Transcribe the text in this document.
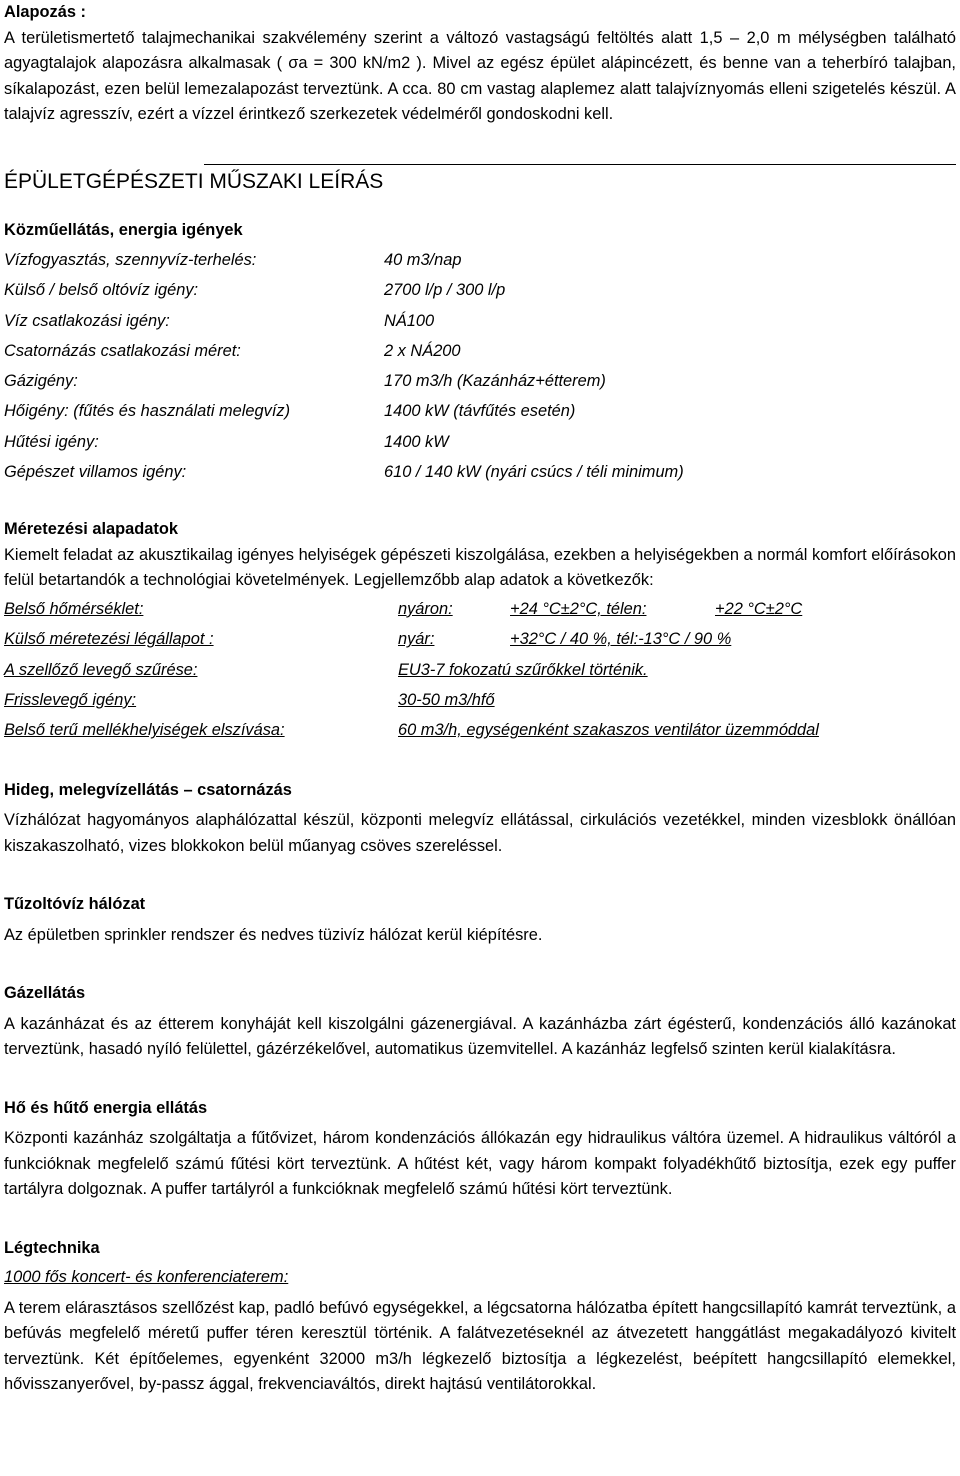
Alapozás :

A területismertető talajmechanikai szakvélemény szerint a változó vastagságú feltöltés alatt 1,5 – 2,0 m mélységben található agyagtalajok alapozásra alkalmasak ( σa = 300 kN/m2 ). Mivel az egész épület alápincézett, és benne van a teherbíró talajban, síkalapozást, ezen belül lemezalapozást terveztünk. A cca. 80 cm vastag alaplemez alatt talajvíznyomás elleni szigetelés készül. A talajvíz agresszív, ezért a vízzel érintkező szerkezetek védelméről gondoskodni kell.

ÉPÜLETGÉPÉSZETI MŰSZAKI LEÍRÁS

Közműellátás, energia igények

Vízfogyasztás, szennyvíz-terhelés:	40 m3/nap
Külső / belső oltóvíz igény:	2700 l/p / 300 l/p
Víz csatlakozási igény:	NÁ100
Csatornázás csatlakozási méret:	2 x NÁ200
Gázigény:	170 m3/h (Kazánház+étterem)
Hőigény: (fűtés és használati melegvíz)	1400 kW (távfűtés esetén)
Hűtési igény:	1400 kW
Gépészet villamos igény:	610 / 140 kW (nyári csúcs / téli minimum)

Méretezési alapadatok

Kiemelt feladat az akusztikailag igényes helyiségek gépészeti kiszolgálása, ezekben a helyiségekben a normál komfort előírásokon felül betartandók a technológiai követelmények. Legjellemzőbb alap adatok a következők:

Belső hőmérséklet:	nyáron:	+24 °C±2°C, télen:	+22 °C±2°C
Külső méretezési légállapot :	nyár:	+32°C / 40 %, tél:-13°C / 90 %
A szellőző levegő szűrése:	EU3-7 fokozatú szűrőkkel történik.
Frisslevegő igény:	30-50 m3/hfő
Belső terű mellékhelyiségek elszívása:	60 m3/h, egységenként szakaszos ventilátor üzemmóddal

Hideg, melegvízellátás – csatornázás

Vízhálózat hagyományos alaphálózattal készül, központi melegvíz ellátással, cirkulációs vezetékkel, minden vizesblokk önállóan kiszakaszolható, vizes blokkokon belül műanyag csöves szereléssel.

Tűzoltóvíz hálózat

Az épületben sprinkler rendszer és nedves tüzivíz hálózat kerül kiépítésre.

Gázellátás

A kazánházat és az étterem konyháját kell kiszolgálni gázenergiával. A kazánházba zárt égésterű, kondenzációs álló kazánokat terveztünk, hasadó nyíló felülettel, gázérzékelővel, automatikus üzemvitellel. A kazánház legfelső szinten kerül kialakításra.

Hő és hűtő energia ellátás

Központi kazánház szolgáltatja a fűtővizet, három kondenzációs állókazán egy hidraulikus váltóra üzemel. A hidraulikus váltóról a funkcióknak megfelelő számú fűtési kört terveztünk. A hűtést két, vagy három kompakt folyadékhűtő biztosítja, ezek egy puffer tartályra dolgoznak. A puffer tartályról a funkcióknak megfelelő számú hűtési kört terveztünk.

Légtechnika

1000 fős koncert- és konferenciaterem:

A terem elárasztásos szellőzést kap, padló befúvó egységekkel, a légcsatorna hálózatba épített hangcsillapító kamrát terveztünk, a befúvás megfelelő méretű puffer téren keresztül történik. A falátvezetéseknél az átvezetett hanggátlást megakadályozó kivitelt terveztünk. Két építőelemes, egyenként 32000 m3/h légkezelő biztosítja a légkezelést, beépített hangcsillapító elemekkel, hővisszanyerővel, by-passz ággal, frekvenciaváltós, direkt hajtású ventilátorokkal.
